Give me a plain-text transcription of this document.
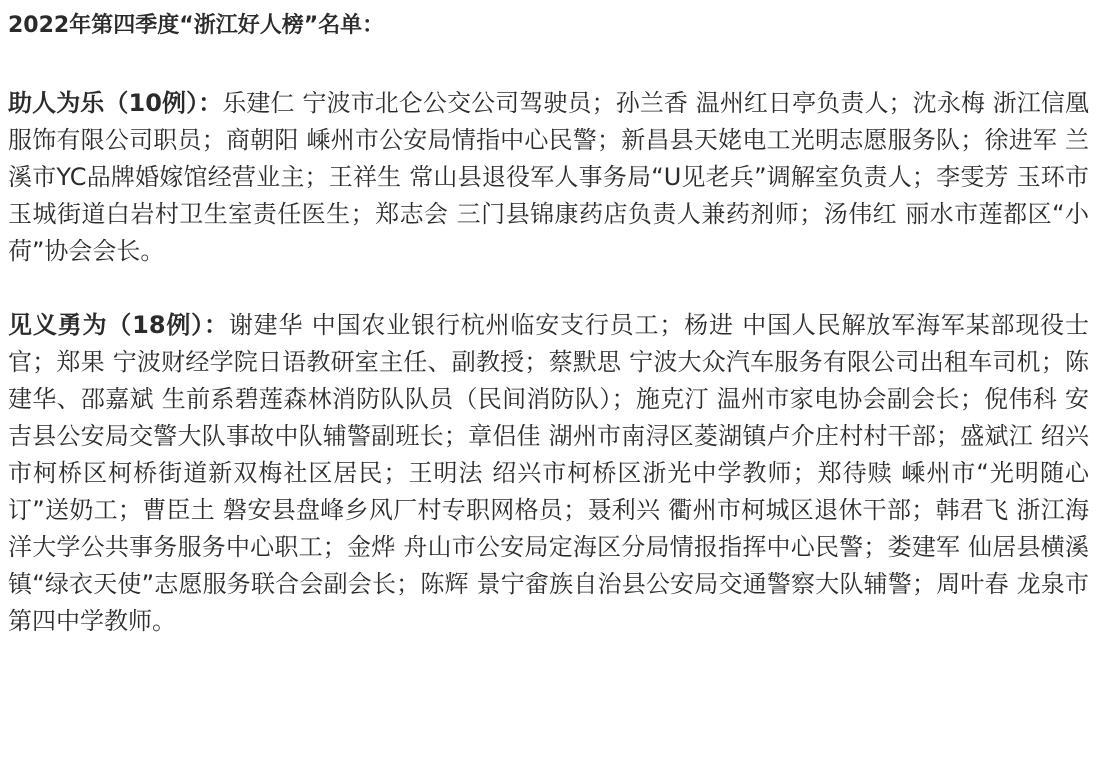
2022年第四季度“浙江好人榜”名单：

助人为乐（10例）：乐建仁 宁波市北仑公交公司驾驶员；孙兰香 温州红日亭负责人；沈永梅 浙江信凰服饰有限公司职员；商朝阳 嵊州市公安局情指中心民警；新昌县天姥电工光明志愿服务队；徐进军 兰溪市YC品牌婚嫁馆经营业主；王祥生 常山县退役军人事务局“U见老兵”调解室负责人；李雯芳 玉环市玉城街道白岩村卫生室责任医生；郑志会 三门县锦康药店负责人兼药剂师；汤伟红 丽水市莲都区“小荷”协会会长。

见义勇为（18例）：谢建华 中国农业银行杭州临安支行员工；杨进 中国人民解放军海军某部现役士官；郑果 宁波财经学院日语教研室主任、副教授；蔡默思 宁波大众汽车服务有限公司出租车司机；陈建华、邵嘉斌 生前系碧莲森林消防队队员（民间消防队）；施克汀 温州市家电协会副会长；倪伟科 安吉县公安局交警大队事故中队辅警副班长；章侣佳 湖州市南浔区菱湖镇卢介庄村村干部；盛斌江 绍兴市柯桥区柯桥街道新双梅社区居民；王明法 绍兴市柯桥区浙光中学教师；郑待赎 嵊州市“光明随心订”送奶工；曹臣土 磐安县盘峰乡风厂村专职网格员；聂利兴 衢州市柯城区退休干部；韩君飞 浙江海洋大学公共事务服务中心职工；金烨 舟山市公安局定海区分局情报指挥中心民警；娄建军 仙居县横溪镇“绿衣天使”志愿服务联合会副会长；陈辉 景宁畲族自治县公安局交通警察大队辅警；周叶春 龙泉市第四中学教师。
